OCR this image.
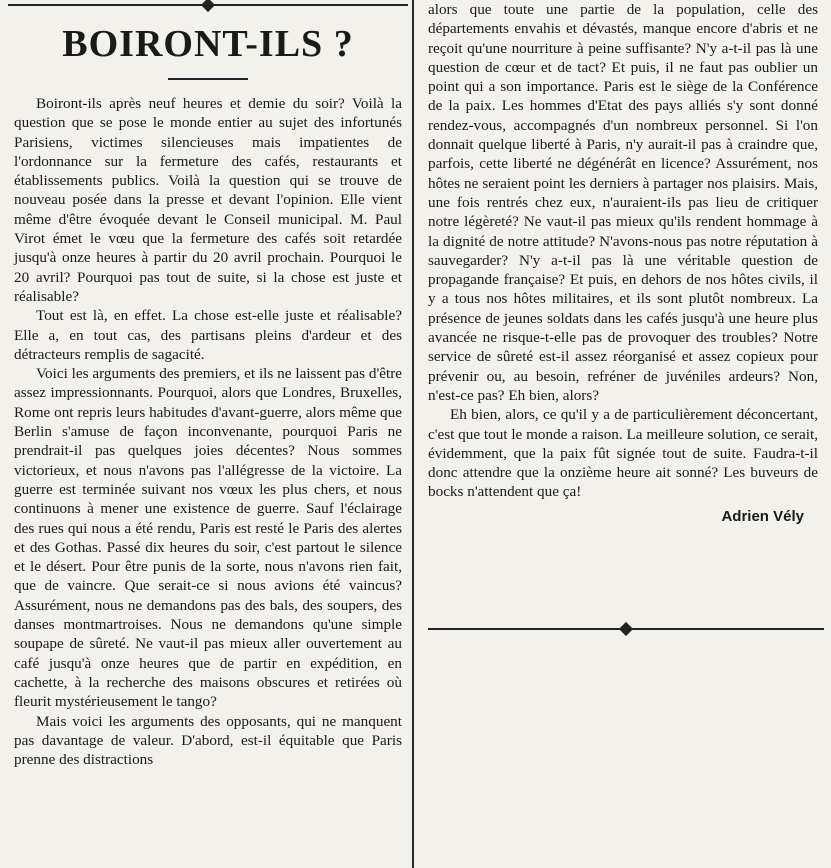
BOIRONT-ILS ?

Boiront-ils après neuf heures et demie du soir? Voilà la question que se pose le monde entier au sujet des infortunés Parisiens, victimes silencieuses mais impatientes de l'ordonnance sur la fermeture des cafés, restaurants et établissements publics. Voilà la question qui se trouve de nouveau posée dans la presse et devant l'opinion. Elle vient même d'être évoquée devant le Conseil municipal. M. Paul Virot émet le vœu que la fermeture des cafés soit retardée jusqu'à onze heures à partir du 20 avril prochain. Pourquoi le 20 avril? Pourquoi pas tout de suite, si la chose est juste et réalisable?

Tout est là, en effet. La chose est-elle juste et réalisable? Elle a, en tout cas, des partisans pleins d'ardeur et des détracteurs remplis de sagacité.

Voici les arguments des premiers, et ils ne laissent pas d'être assez impressionnants. Pourquoi, alors que Londres, Bruxelles, Rome ont repris leurs habitudes d'avant-guerre, alors même que Berlin s'amuse de façon inconvenante, pourquoi Paris ne prendrait-il pas quelques joies décentes? Nous sommes victorieux, et nous n'avons pas l'allégresse de la victoire. La guerre est terminée suivant nos vœux les plus chers, et nous continuons à mener une existence de guerre. Sauf l'éclairage des rues qui nous a été rendu, Paris est resté le Paris des alertes et des Gothas. Passé dix heures du soir, c'est partout le silence et le désert. Pour être punis de la sorte, nous n'avons rien fait, que de vaincre. Que serait-ce si nous avions été vaincus? Assurément, nous ne demandons pas des bals, des soupers, des danses montmartroises. Nous ne demandons qu'une simple soupape de sûreté. Ne vaut-il pas mieux aller ouvertement au café jusqu'à onze heures que de partir en expédition, en cachette, à la recherche des maisons obscures et retirées où fleurit mystérieusement le tango?

Mais voici les arguments des opposants, qui ne manquent pas davantage de valeur. D'abord, est-il équitable que Paris prenne des distractions

alors que toute une partie de la population, celle des départements envahis et dévastés, manque encore d'abris et ne reçoit qu'une nourriture à peine suffisante? N'y a-t-il pas là une question de cœur et de tact? Et puis, il ne faut pas oublier un point qui a son importance. Paris est le siège de la Conférence de la paix. Les hommes d'Etat des pays alliés s'y sont donné rendez-vous, accompagnés d'un nombreux personnel. Si l'on donnait quelque liberté à Paris, n'y aurait-il pas à craindre que, parfois, cette liberté ne dégénérât en licence? Assurément, nos hôtes ne seraient point les derniers à partager nos plaisirs. Mais, une fois rentrés chez eux, n'auraient-ils pas lieu de critiquer notre légèreté? Ne vaut-il pas mieux qu'ils rendent hommage à la dignité de notre attitude? N'avons-nous pas notre réputation à sauvegarder? N'y a-t-il pas là une véritable question de propagande française? Et puis, en dehors de nos hôtes civils, il y a tous nos hôtes militaires, et ils sont plutôt nombreux. La présence de jeunes soldats dans les cafés jusqu'à une heure plus avancée ne risque-t-elle pas de provoquer des troubles? Notre service de sûreté est-il assez réorganisé et assez copieux pour prévenir ou, au besoin, refréner de juvéniles ardeurs? Non, n'est-ce pas? Eh bien, alors?

Eh bien, alors, ce qu'il y a de particulièrement déconcertant, c'est que tout le monde a raison. La meilleure solution, ce serait, évidemment, que la paix fût signée tout de suite. Faudra-t-il donc attendre que la onzième heure ait sonné? Les buveurs de bocks n'attendent que ça!

Adrien Vély
